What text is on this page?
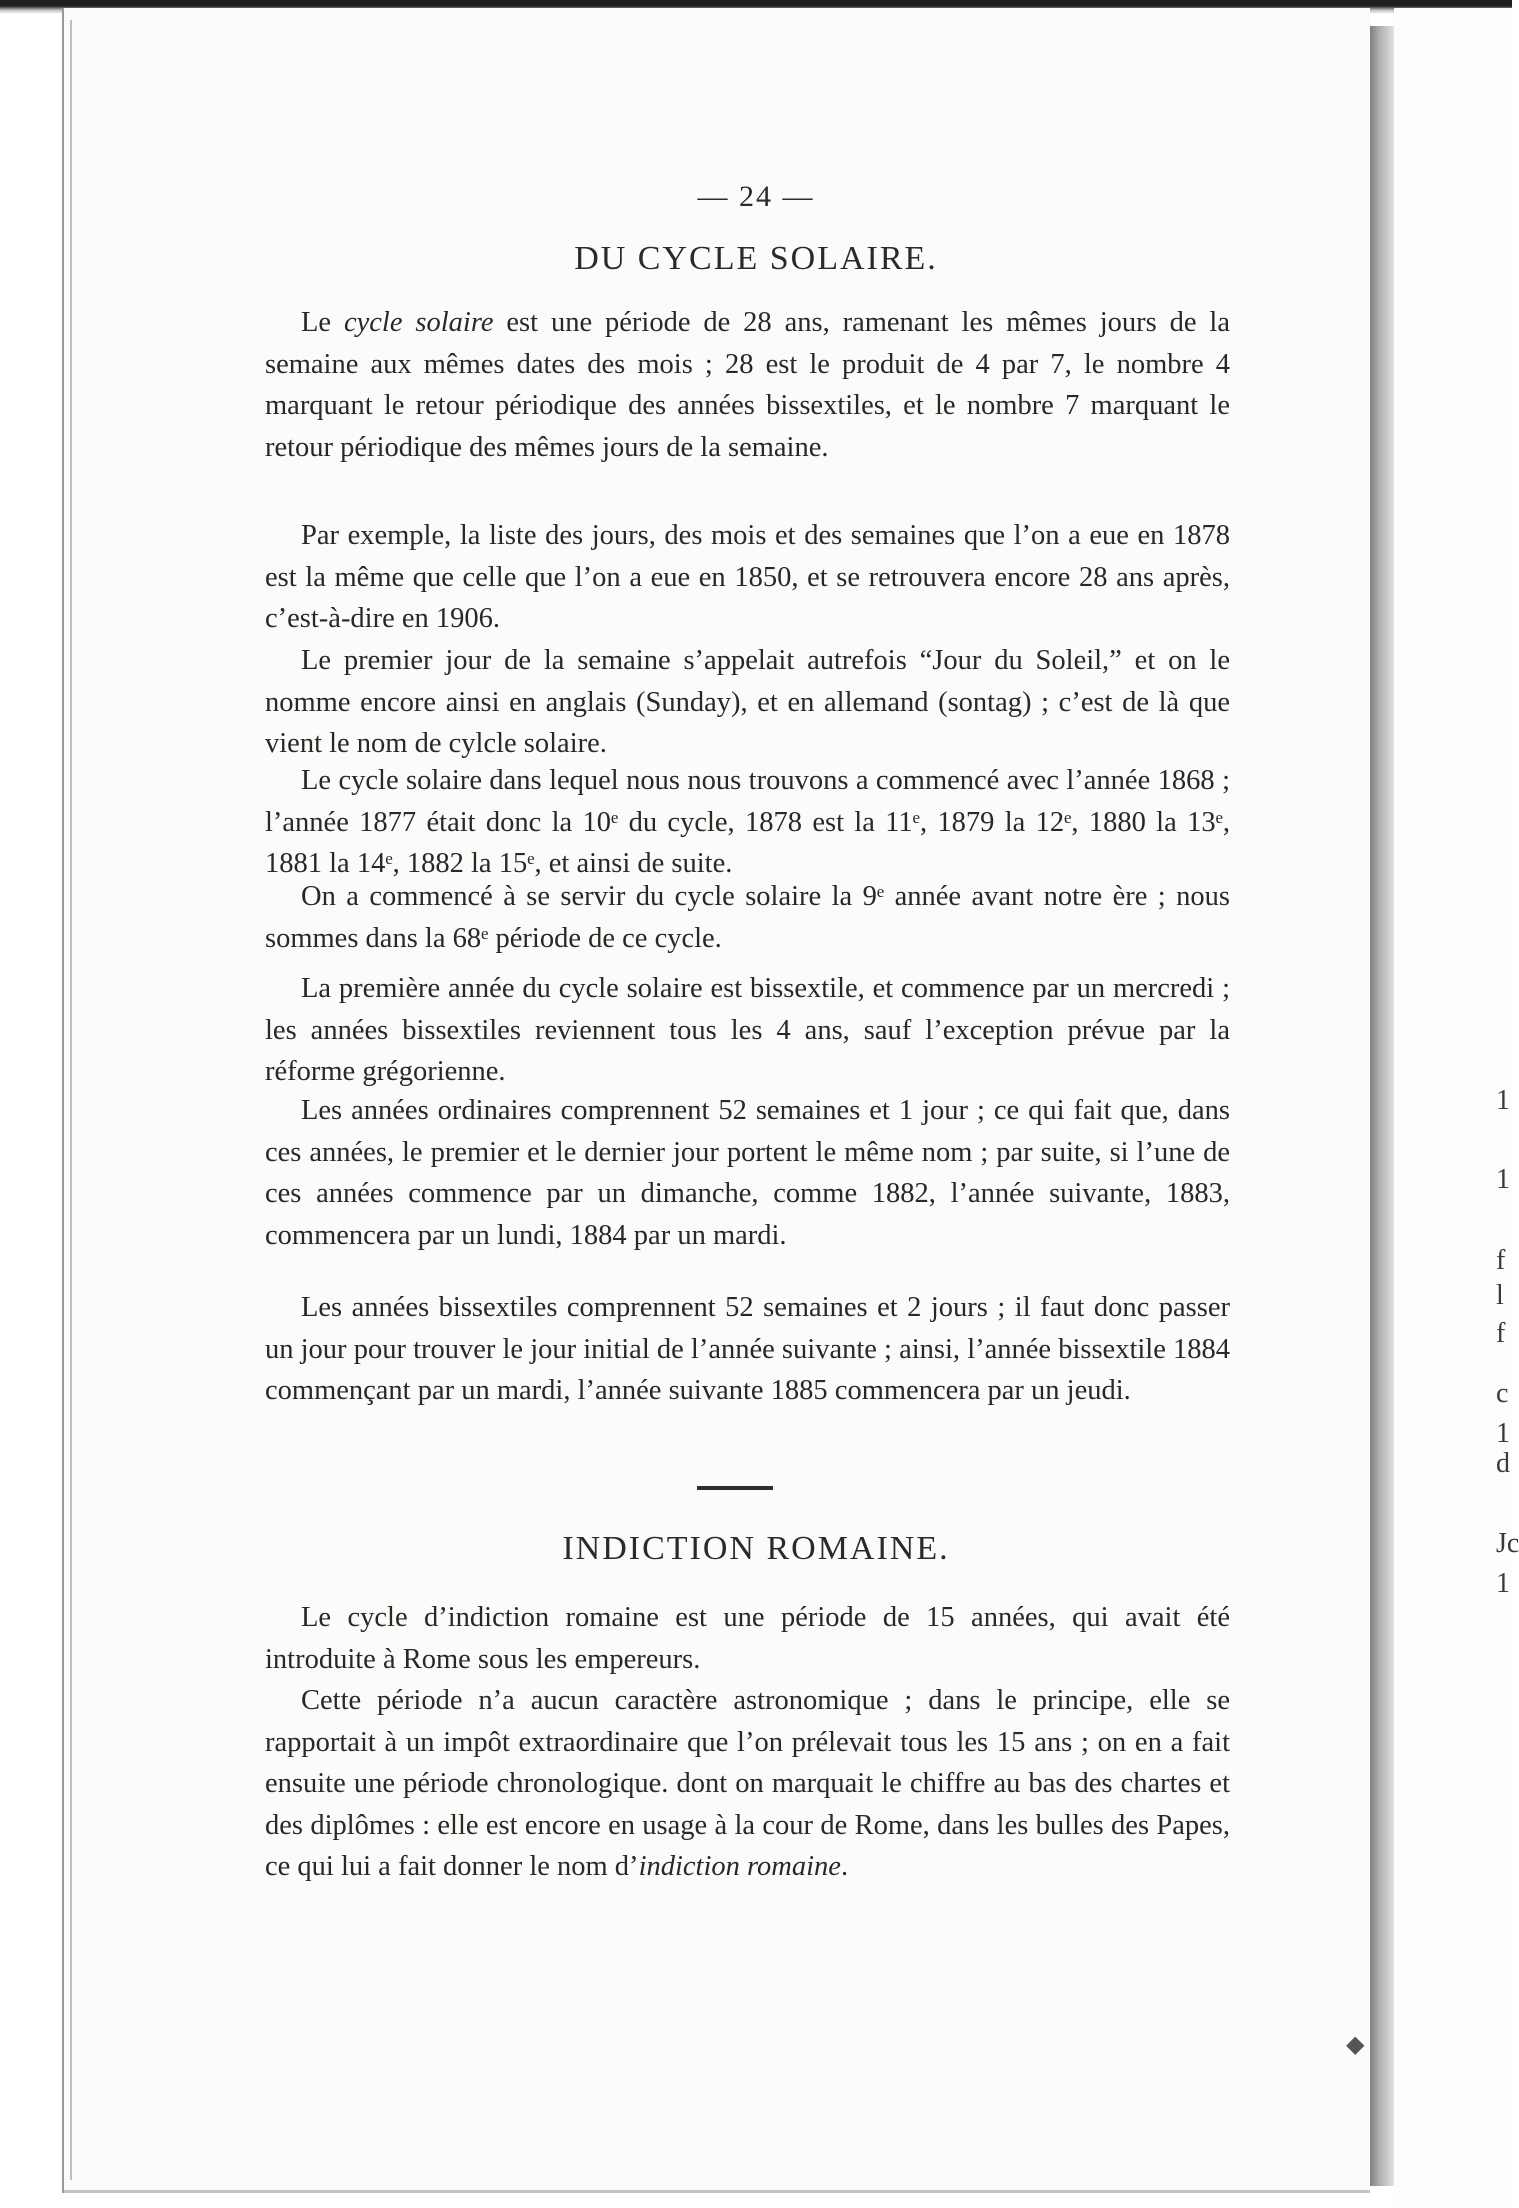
1
1
f
l
f
c
1
d
Jc
1
— 24 —
DU CYCLE SOLAIRE.

Le cycle solaire est une période de 28 ans, ramenant les mêmes jours de la semaine aux mêmes dates des mois ; 28 est le produit de 4 par 7, le nombre 4 marquant le retour périodique des années bissextiles, et le nombre 7 marquant le retour périodique des mêmes jours de la semaine.

Par exemple, la liste des jours, des mois et des semaines que l’on a eue en 1878 est la même que celle que l’on a eue en 1850, et se retrouvera encore 28 ans après, c’est-à-dire en 1906.

Le premier jour de la semaine s’appelait autrefois “Jour du Soleil,” et on le nomme encore ainsi en anglais (Sunday), et en allemand (sontag) ; c’est de là que vient le nom de cylcle solaire.

Le cycle solaire dans lequel nous nous trouvons a commencé avec l’année 1868 ; l’année 1877 était donc la 10ᵉ du cycle, 1878 est la 11ᵉ, 1879 la 12ᵉ, 1880 la 13ᵉ, 1881 la 14ᵉ, 1882 la 15ᵉ, et ainsi de suite.

On a commencé à se servir du cycle solaire la 9ᵉ année avant notre ère ; nous sommes dans la 68ᵉ période de ce cycle.

La première année du cycle solaire est bissextile, et commence par un mercredi ; les années bissextiles reviennent tous les 4 ans, sauf l’exception prévue par la réforme grégorienne.

Les années ordinaires comprennent 52 semaines et 1 jour ; ce qui fait que, dans ces années, le premier et le dernier jour portent le même nom ; par suite, si l’une de ces années commence par un dimanche, comme 1882, l’année suivante, 1883, commencera par un lundi, 1884 par un mardi.

Les années bissextiles comprennent 52 semaines et 2 jours ; il faut donc passer un jour pour trouver le jour initial de l’année suivante ; ainsi, l’année bissextile 1884 commençant par un mardi, l’année suivante 1885 commencera par un jeudi.

INDICTION ROMAINE.

Le cycle d’indiction romaine est une période de 15 années, qui avait été introduite à Rome sous les empereurs.

Cette période n’a aucun caractère astronomique ; dans le principe, elle se rapportait à un impôt extraordinaire que l’on prélevait tous les 15 ans ; on en a fait ensuite une période chronologique. dont on marquait le chiffre au bas des chartes et des diplômes : elle est encore en usage à la cour de Rome, dans les bulles des Papes, ce qui lui a fait donner le nom d’indiction romaine.

◆
